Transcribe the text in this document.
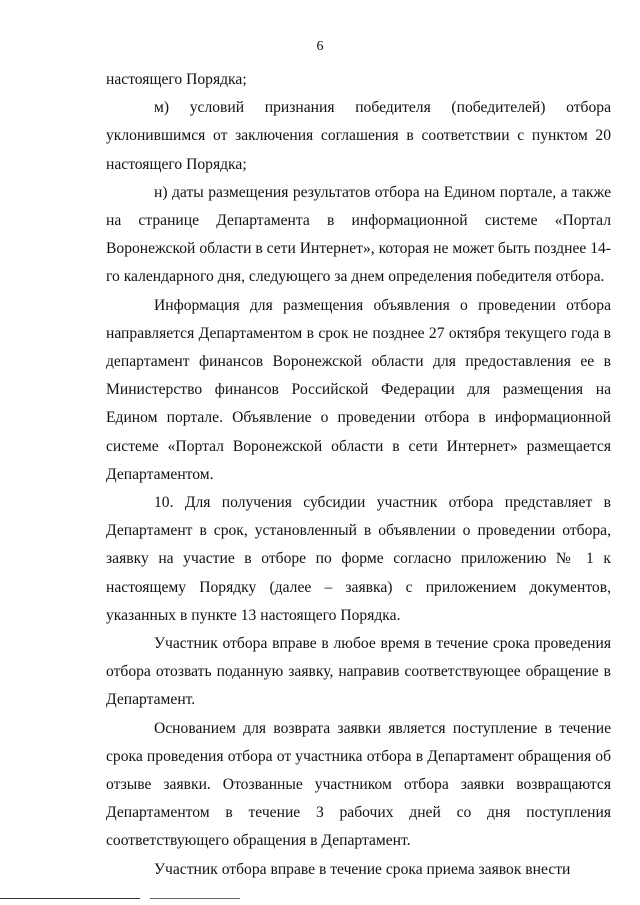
6

настоящего Порядка;

м) условий признания победителя (победителей) отбора уклонившимся от заключения соглашения в соответствии с пунктом 20 настоящего Порядка;

н) даты размещения результатов отбора на Едином портале, а также на странице Департамента в информационной системе «Портал Воронежской области в сети Интернет», которая не может быть позднее 14-го календарного дня, следующего за днем определения победителя отбора.

Информация для размещения объявления о проведении отбора направляется Департаментом в срок не позднее 27 октября текущего года в департамент финансов Воронежской области для предоставления ее в Министерство финансов Российской Федерации для размещения на Едином портале. Объявление о проведении отбора в информационной системе «Портал Воронежской области в сети Интернет» размещается Департаментом.

10. Для получения субсидии участник отбора представляет в Департамент в срок, установленный в объявлении о проведении отбора, заявку на участие в отборе по форме согласно приложению № 1 к настоящему Порядку (далее – заявка) с приложением документов, указанных в пункте 13 настоящего Порядка.

Участник отбора вправе в любое время в течение срока проведения отбора отозвать поданную заявку, направив соответствующее обращение в Департамент.

Основанием для возврата заявки является поступление в течение срока проведения отбора от участника отбора в Департамент обращения об отзыве заявки. Отозванные участником отбора заявки возвращаются Департаментом в течение 3 рабочих дней со дня поступления соответствующего обращения в Департамент.

Участник отбора вправе в течение срока приема заявок внести
